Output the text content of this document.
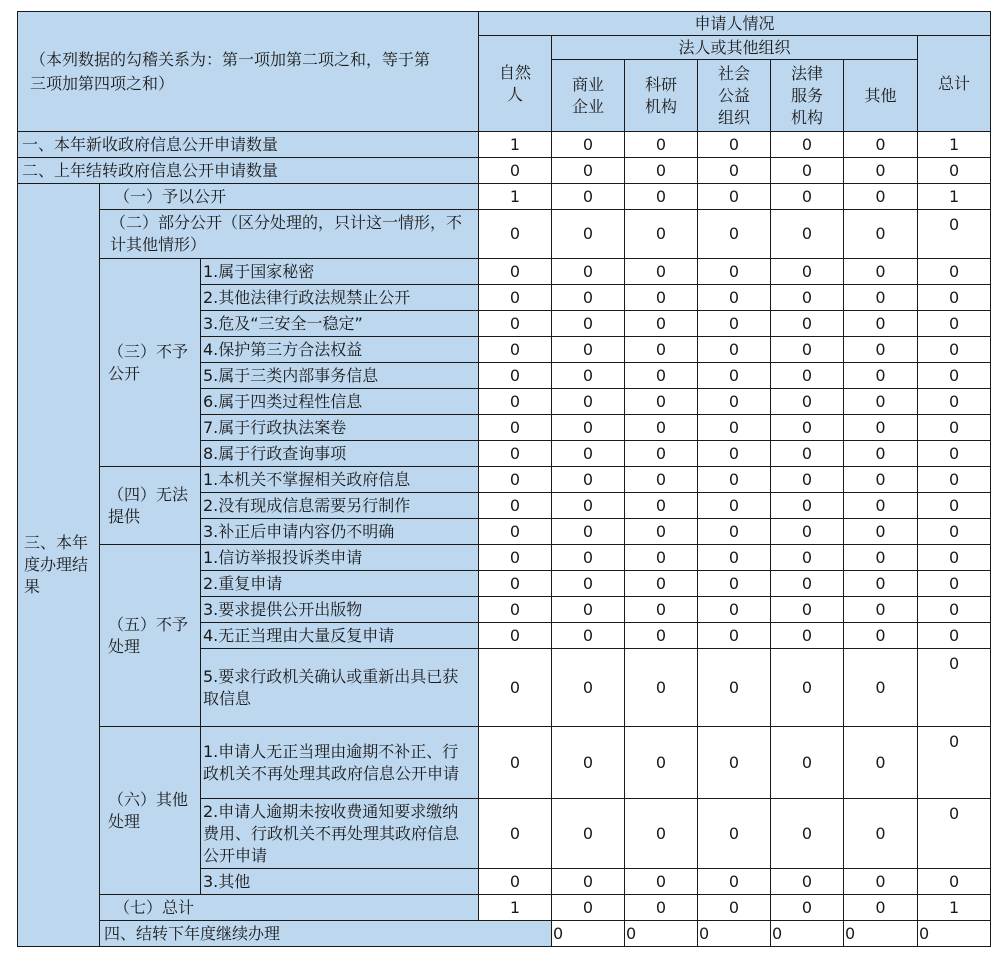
（本列数据的勾稽关系为：第一项加第二项之和，等于第三项加第四项之和）			申请人情况							
			自然人	法人或其他组织					总计	
				商业企业	科研机构	社会公益组织	法律服务机构	其他		
一、本年新收政府信息公开申请数量			1	0	0	0	0	0	1	
二、上年结转政府信息公开申请数量			0	0	0	0	0	0	0	
三、本年度办理结果	（一）予以公开		1	0	0	0	0	0	1	
	（二）部分公开（区分处理的，只计这一情形，不计其他情形）		0	0	0	0	0	0	0	
	（三）不予公开	1.属于国家秘密	0	0	0	0	0	0	0	
		2.其他法律行政法规禁止公开	0	0	0	0	0	0	0	
		3.危及“三安全一稳定”	0	0	0	0	0	0	0	
		4.保护第三方合法权益	0	0	0	0	0	0	0	
		5.属于三类内部事务信息	0	0	0	0	0	0	0	
		6.属于四类过程性信息	0	0	0	0	0	0	0	
		7.属于行政执法案卷	0	0	0	0	0	0	0	
		8.属于行政查询事项	0	0	0	0	0	0	0	
	（四）无法提供	1.本机关不掌握相关政府信息	0	0	0	0	0	0	0	
		2.没有现成信息需要另行制作	0	0	0	0	0	0	0	
		3.补正后申请内容仍不明确	0	0	0	0	0	0	0	
	（五）不予处理	1.信访举报投诉类申请	0	0	0	0	0	0	0	
		2.重复申请	0	0	0	0	0	0	0	
		3.要求提供公开出版物	0	0	0	0	0	0	0	
		4.无正当理由大量反复申请	0	0	0	0	0	0	0	
		5.要求行政机关确认或重新出具已获取信息	0	0	0	0	0	0	0	
	（六）其他处理	1.申请人无正当理由逾期不补正、行政机关不再处理其政府信息公开申请	0	0	0	0	0	0	0	
		2.申请人逾期未按收费通知要求缴纳费用、行政机关不再处理其政府信息公开申请	0	0	0	0	0	0	0	
		3.其他	0	0	0	0	0	0	0	
	（七）总计		1	0	0	0	0	0	1	
	四、结转下年度继续办理			0	0	0	0	0	0	
